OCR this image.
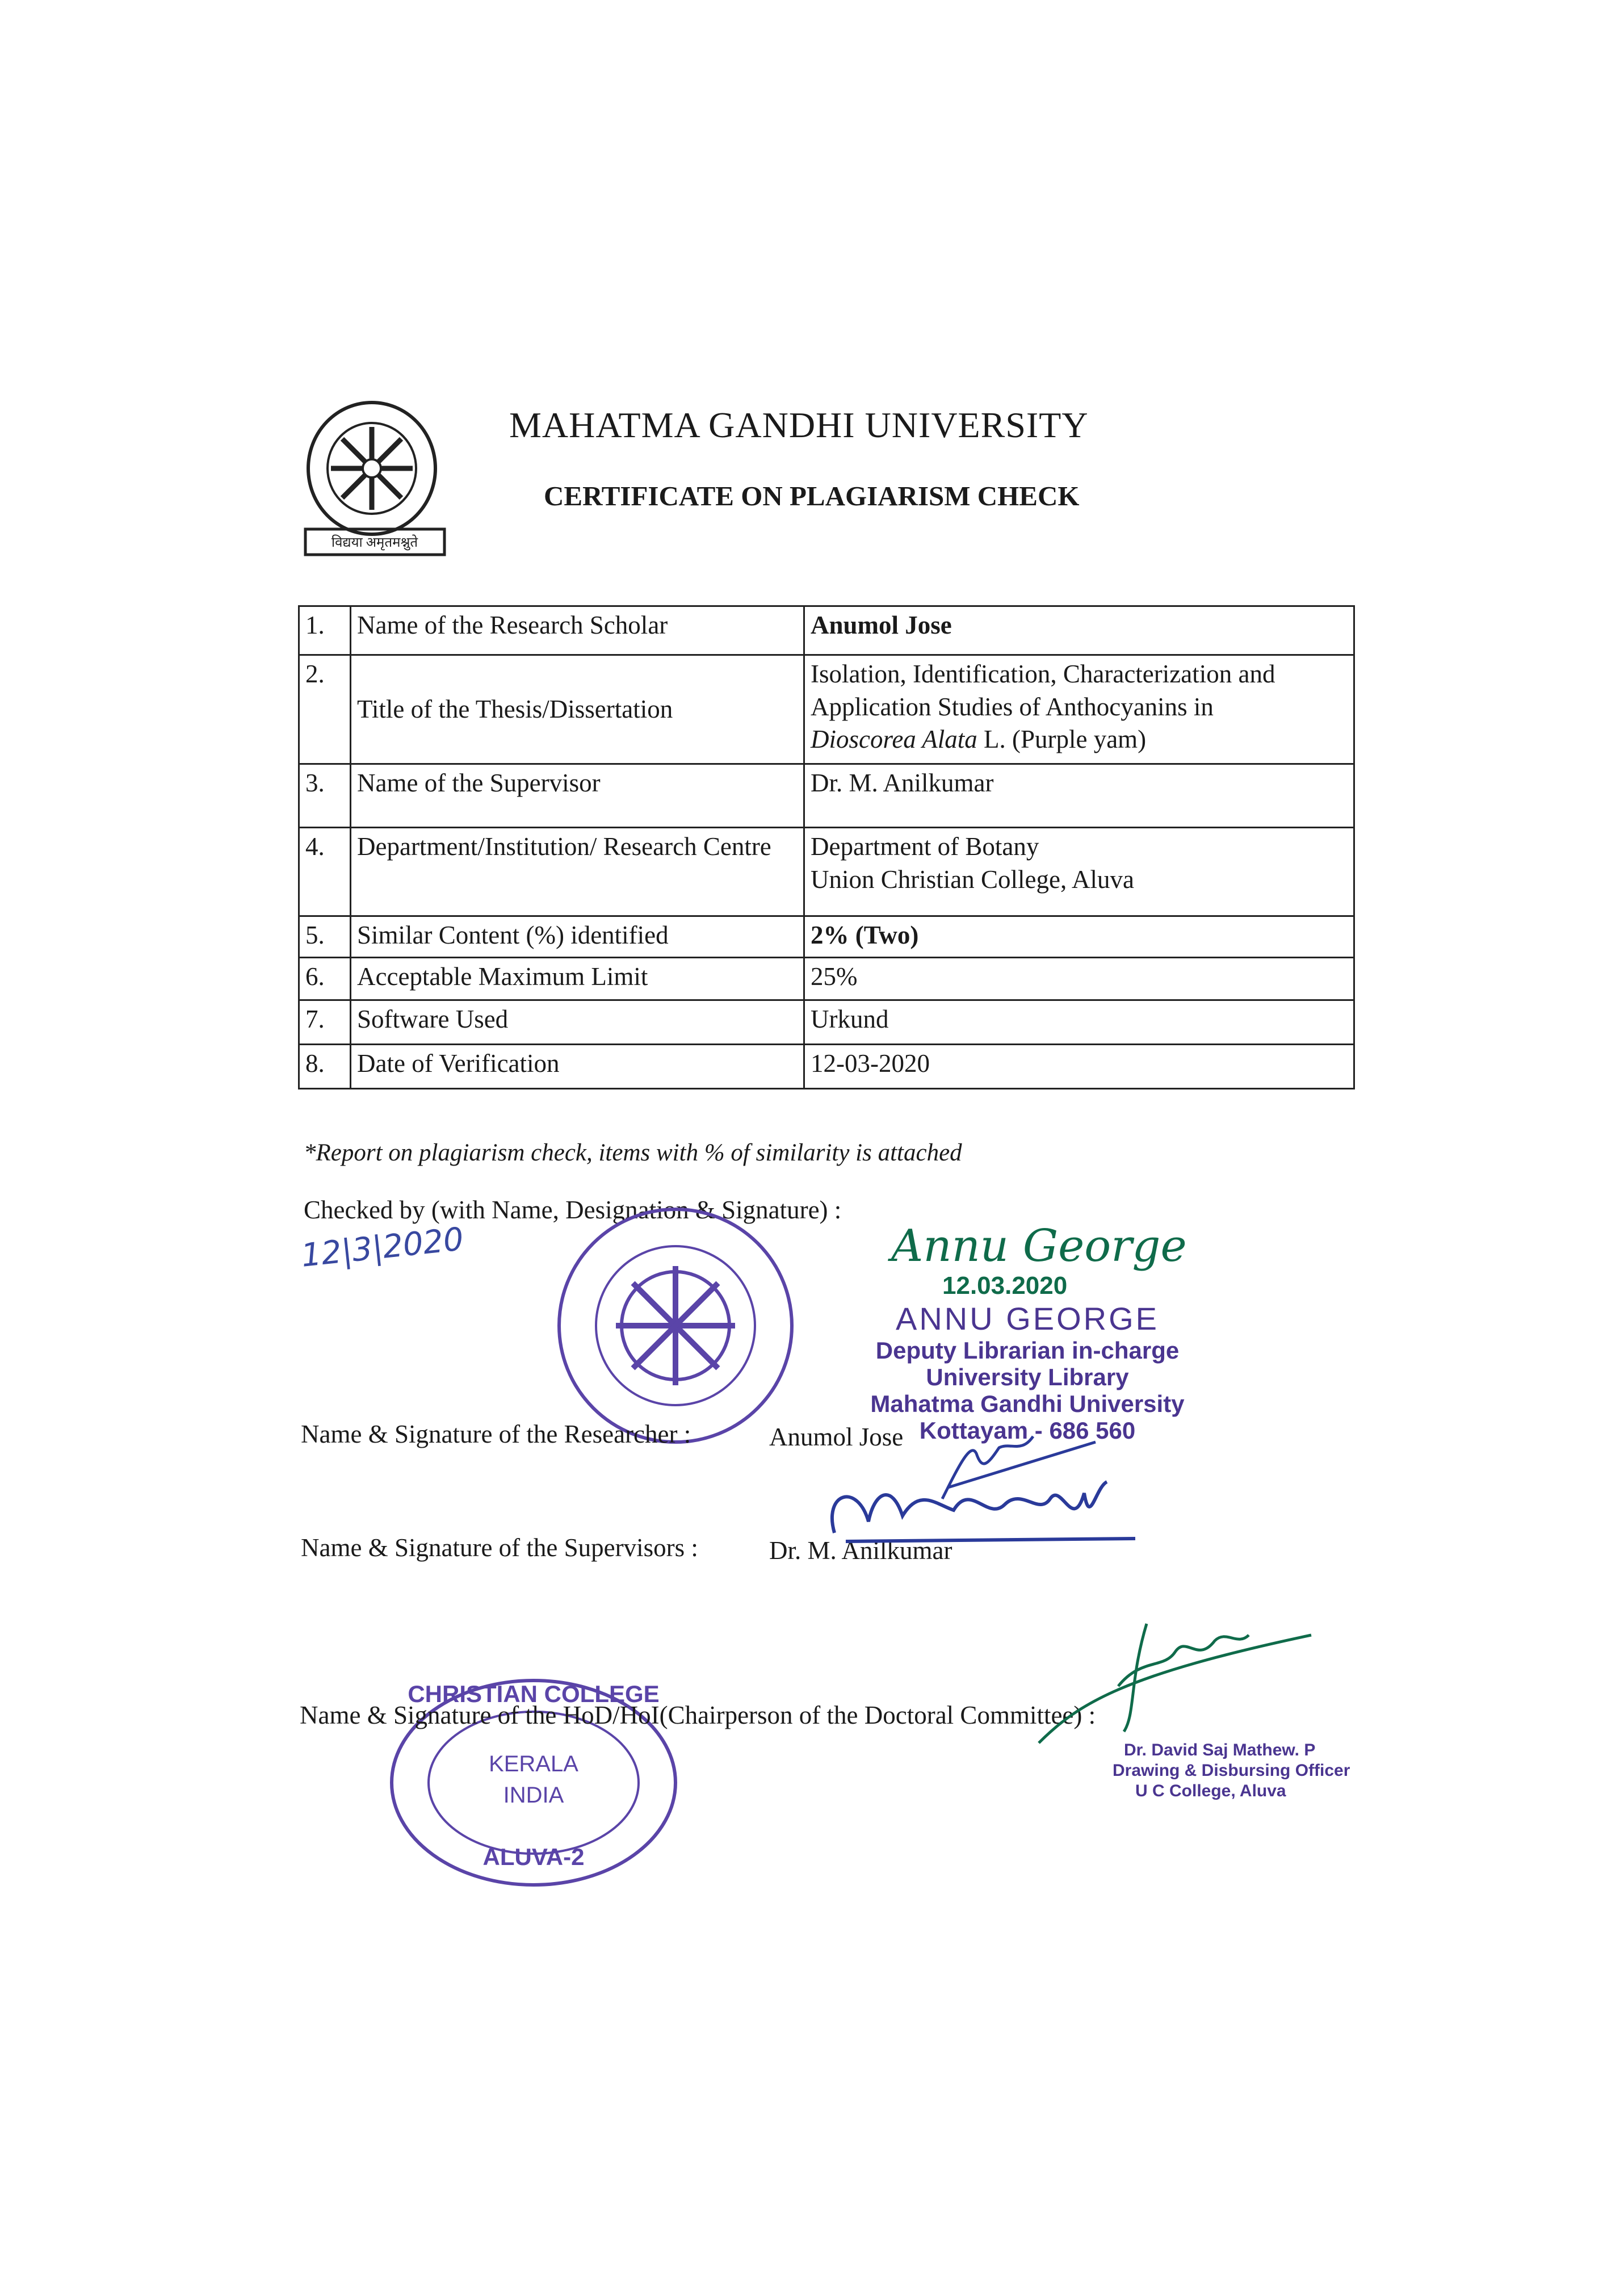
विद्यया अमृतमश्नुते
MAHATMA GANDHI UNIVERSITY
CERTIFICATE ON PLAGIARISM CHECK
1.	Name of the Research Scholar	Anumol Jose
2.	Title of the Thesis/Dissertation	Isolation, Identification, Characterization and Application Studies of Anthocyanins in
Dioscorea Alata L. (Purple yam)
3.	Name of the Supervisor	Dr. M. Anilkumar
4.	Department/Institution/ Research Centre	Department of Botany
Union Christian College, Aluva
5.	Similar Content (%) identified	2% (Two)
6.	Acceptable Maximum Limit	25%
7.	Software Used	Urkund
8.	Date of Verification	12-03-2020
*Report on plagiarism check, items with % of similarity is attached
Checked by (with Name, Designation & Signature) :
12|3|2020	Annu George
12.03.2020
ANNU GEORGE
Deputy Librarian in-charge
University Library
Mahatma Gandhi University
Kottayam - 686 560
Name & Signature of the Researcher :	Anumol Jose
Name & Signature of the Supervisors :	Dr. M. Anilkumar
CHRISTIAN COLLEGE
KERALA
INDIA
ALUVA-2
Name & Signature of the HoD/HoI(Chairperson of the Doctoral Committee) :
Dr. David Saj Mathew. P
Drawing & Disbursing Officer
U C College, Aluva
